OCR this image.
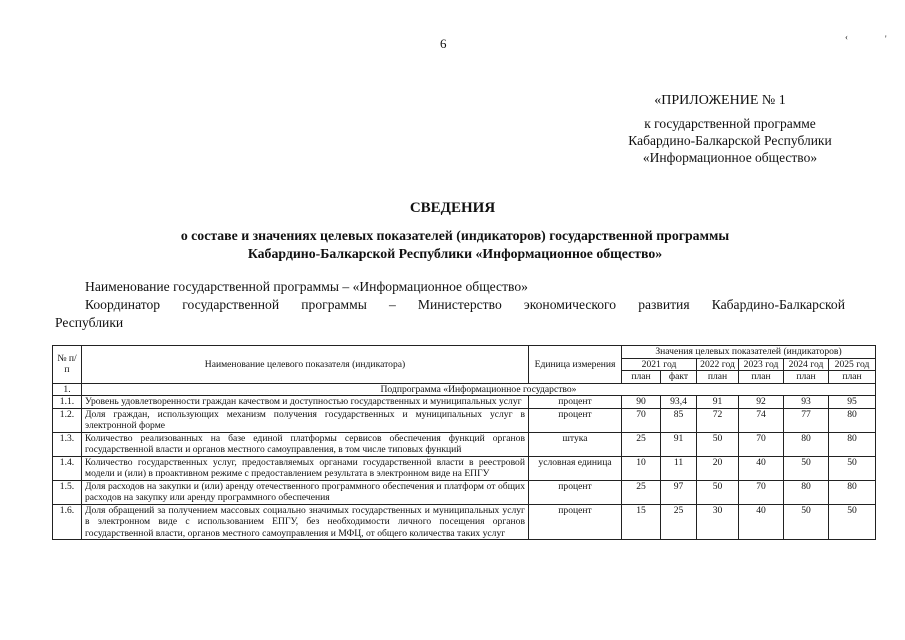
6	‹	'
«ПРИЛОЖЕНИЕ № 1
к государственной программе
Кабардино-Балкарской Республики
«Информационное общество»
СВЕДЕНИЯ
о составе и значениях целевых показателей (индикаторов) государственной программы
Кабардино-Балкарской Республики «Информационное общество»
Наименование государственной программы – «Информационное общество»
Координатор государственной программы – Министерство экономического развития Кабардино-Балкарской
Республики
№ п/п	Наименование целевого показателя (индикатора)	Единица измерения	Значения целевых показателей (индикаторов)					
			2021 год		2022 год	2023 год	2024 год	2025 год
			план	факт	план	план	план	план
1.	Подпрограмма «Информационное государство»							
1.1.	Уровень удовлетворенности граждан качеством и доступностью государственных и муниципальных услуг	процент	90	93,4	91	92	93	95
1.2.	Доля граждан, использующих механизм получения государственных и муниципальных услуг в электронной форме	процент	70	85	72	74	77	80
1.3.	Количество реализованных на базе единой платформы сервисов обеспечения функций органов государственной власти и органов местного самоуправления, в том числе типовых функций	штука	25	91	50	70	80	80
1.4.	Количество государственных услуг, предоставляемых органами государственной власти в реестровой модели и (или) в проактивном режиме с предоставлением результата в электронном виде на ЕПГУ	условная единица	10	11	20	40	50	50
1.5.	Доля расходов на закупки и (или) аренду отечественного программного обеспечения и платформ от общих расходов на закупку или аренду программного обеспечения	процент	25	97	50	70	80	80
1.6.	Доля обращений за получением массовых социально значимых государственных и муниципальных услуг в электронном виде с использованием ЕПГУ, без необходимости личного посещения органов государственной власти, органов местного самоуправления и МФЦ, от общего количества таких услуг	процент	15	25	30	40	50	50
